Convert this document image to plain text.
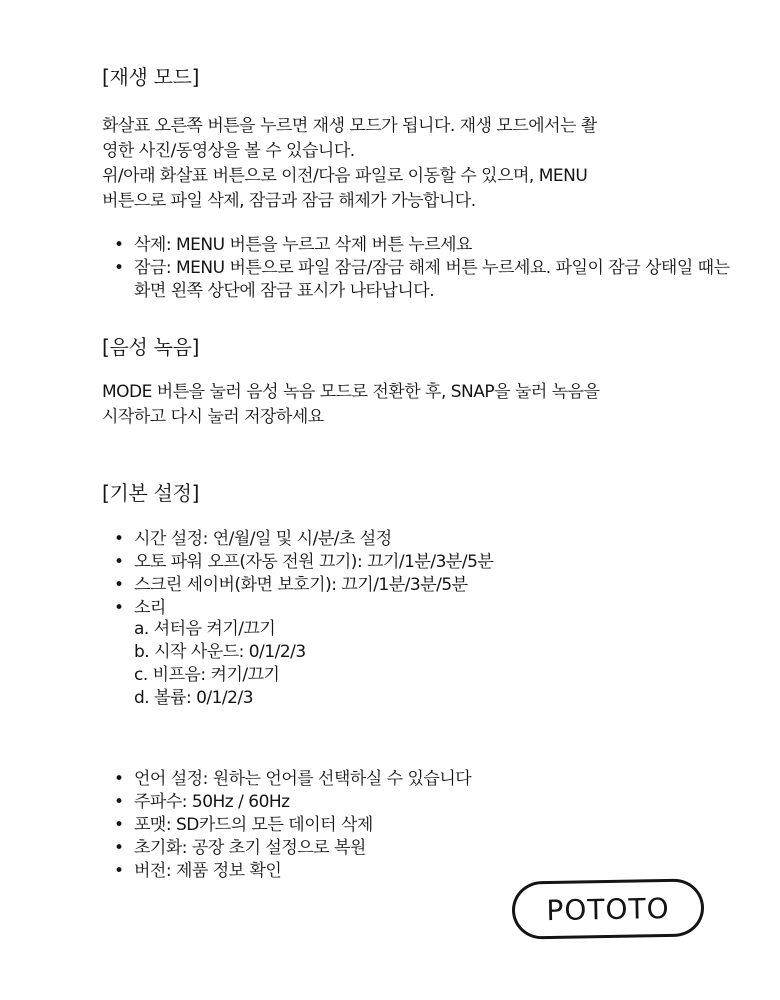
[재생 모드]

화살표 오른쪽 버튼을 누르면 재생 모드가 됩니다. 재생 모드에서는 촬
영한 사진/동영상을 볼 수 있습니다.
위/아래 화살표 버튼으로 이전/다음 파일로 이동할 수 있으며, MENU
버튼으로 파일 삭제, 잠금과 잠금 해제가 가능합니다.

• 삭제: MENU 버튼을 누르고 삭제 버튼 누르세요
• 잠금: MENU 버튼으로 파일 잠금/잠금 해제 버튼 누르세요. 파일이 잠금 상태일 때는 화면 왼쪽 상단에 잠금 표시가 나타납니다.
[음성 녹음]

MODE 버튼을 눌러 음성 녹음 모드로 전환한 후, SNAP을 눌러 녹음을
시작하고 다시 눌러 저장하세요

[기본 설정]
• 시간 설정: 연/월/일 및 시/분/초 설정
• 오토 파워 오프(자동 전원 끄기): 끄기/1분/3분/5분
• 스크린 세이버(화면 보호기): 끄기/1분/3분/5분
• 소리
a. 셔터음 켜기/끄기
b. 시작 사운드: 0/1/2/3
c. 비프음: 켜기/끄기
d. 볼륨: 0/1/2/3
• 언어 설정: 원하는 언어를 선택하실 수 있습니다
• 주파수: 50Hz / 60Hz
• 포맷: SD카드의 모든 데이터 삭제
• 초기화: 공장 초기 설정으로 복원
• 버전: 제품 정보 확인
POTOTO
